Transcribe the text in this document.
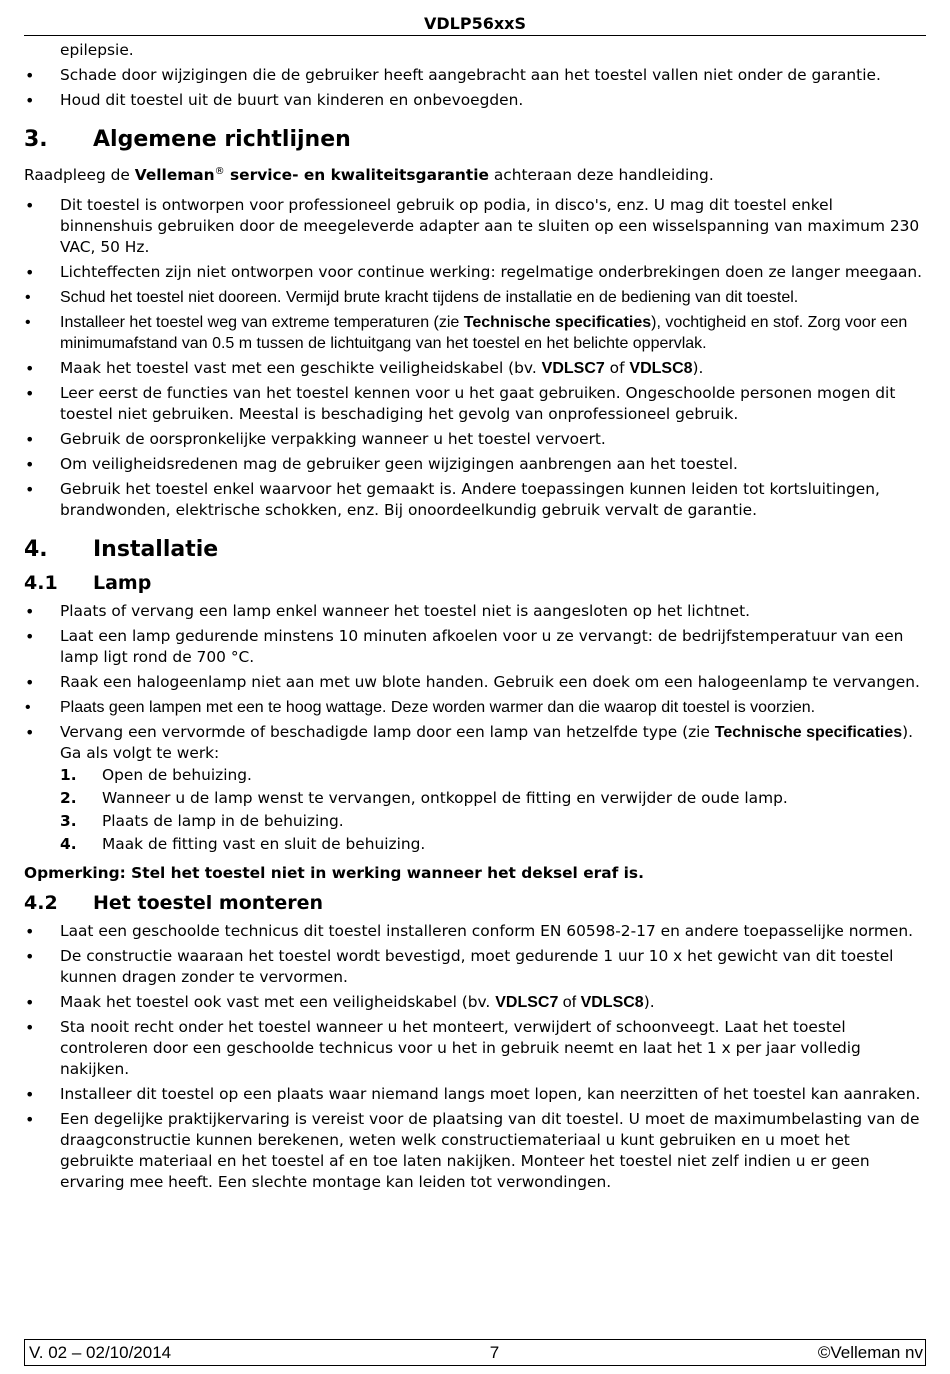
VDLP56xxS
epilepsie.
• Schade door wijzigingen die de gebruiker heeft aangebracht aan het toestel vallen niet onder de garantie.
• Houd dit toestel uit de buurt van kinderen en onbevoegden.
3.	Algemene richtlijnen

Raadpleeg de Velleman® service- en kwaliteitsgarantie achteraan deze handleiding.

• Dit toestel is ontworpen voor professioneel gebruik op podia, in disco's, enz. U mag dit toestel enkel binnenshuis gebruiken door de meegeleverde adapter aan te sluiten op een wisselspanning van maximum 230 VAC, 50 Hz.
• Lichteffecten zijn niet ontworpen voor continue werking: regelmatige onderbrekingen doen ze langer meegaan.
• Schud het toestel niet dooreen. Vermijd brute kracht tijdens de installatie en de bediening van dit toestel.
• Installeer het toestel weg van extreme temperaturen (zie Technische specificaties), vochtigheid en stof. Zorg voor een minimumafstand van 0.5 m tussen de lichtuitgang van het toestel en het belichte oppervlak.
• Maak het toestel vast met een geschikte veiligheidskabel (bv. VDLSC7 of VDLSC8).
• Leer eerst de functies van het toestel kennen voor u het gaat gebruiken. Ongeschoolde personen mogen dit toestel niet gebruiken. Meestal is beschadiging het gevolg van onprofessioneel gebruik.
• Gebruik de oorspronkelijke verpakking wanneer u het toestel vervoert.
• Om veiligheidsredenen mag de gebruiker geen wijzigingen aanbrengen aan het toestel.
• Gebruik het toestel enkel waarvoor het gemaakt is. Andere toepassingen kunnen leiden tot kortsluitingen, brandwonden, elektrische schokken, enz. Bij onoordeelkundig gebruik vervalt de garantie.
4.	Installatie
4.1	Lamp
• Plaats of vervang een lamp enkel wanneer het toestel niet is aangesloten op het lichtnet.
• Laat een lamp gedurende minstens 10 minuten afkoelen voor u ze vervangt: de bedrijfstemperatuur van een lamp ligt rond de 700 °C.
• Raak een halogeenlamp niet aan met uw blote handen. Gebruik een doek om een halogeenlamp te vervangen.
• Plaats geen lampen met een te hoog wattage. Deze worden warmer dan die waarop dit toestel is voorzien.
• Vervang een vervormde of beschadigde lamp door een lamp van hetzelfde type (zie Technische specificaties). Ga als volgt te werk:
1.	Open de behuizing.
2.	Wanneer u de lamp wenst te vervangen, ontkoppel de fitting en verwijder de oude lamp.
3.	Plaats de lamp in de behuizing.
4.	Maak de fitting vast en sluit de behuizing.

Opmerking: Stel het toestel niet in werking wanneer het deksel eraf is.

4.2	Het toestel monteren
• Laat een geschoolde technicus dit toestel installeren conform EN 60598-2-17 en andere toepasselijke normen.
• De constructie waaraan het toestel wordt bevestigd, moet gedurende 1 uur 10 x het gewicht van dit toestel kunnen dragen zonder te vervormen.
• Maak het toestel ook vast met een veiligheidskabel (bv. VDLSC7 of VDLSC8).
• Sta nooit recht onder het toestel wanneer u het monteert, verwijdert of schoonveegt. Laat het toestel controleren door een geschoolde technicus voor u het in gebruik neemt en laat het 1 x per jaar volledig nakijken.
• Installeer dit toestel op een plaats waar niemand langs moet lopen, kan neerzitten of het toestel kan aanraken.
• Een degelijke praktijkervaring is vereist voor de plaatsing van dit toestel. U moet de maximumbelasting van de draagconstructie kunnen berekenen, weten welk constructiemateriaal u kunt gebruiken en u moet het gebruikte materiaal en het toestel af en toe laten nakijken. Monteer het toestel niet zelf indien u er geen ervaring mee heeft. Een slechte montage kan leiden tot verwondingen.
V. 02 – 02/10/2014	7	©Velleman nv
